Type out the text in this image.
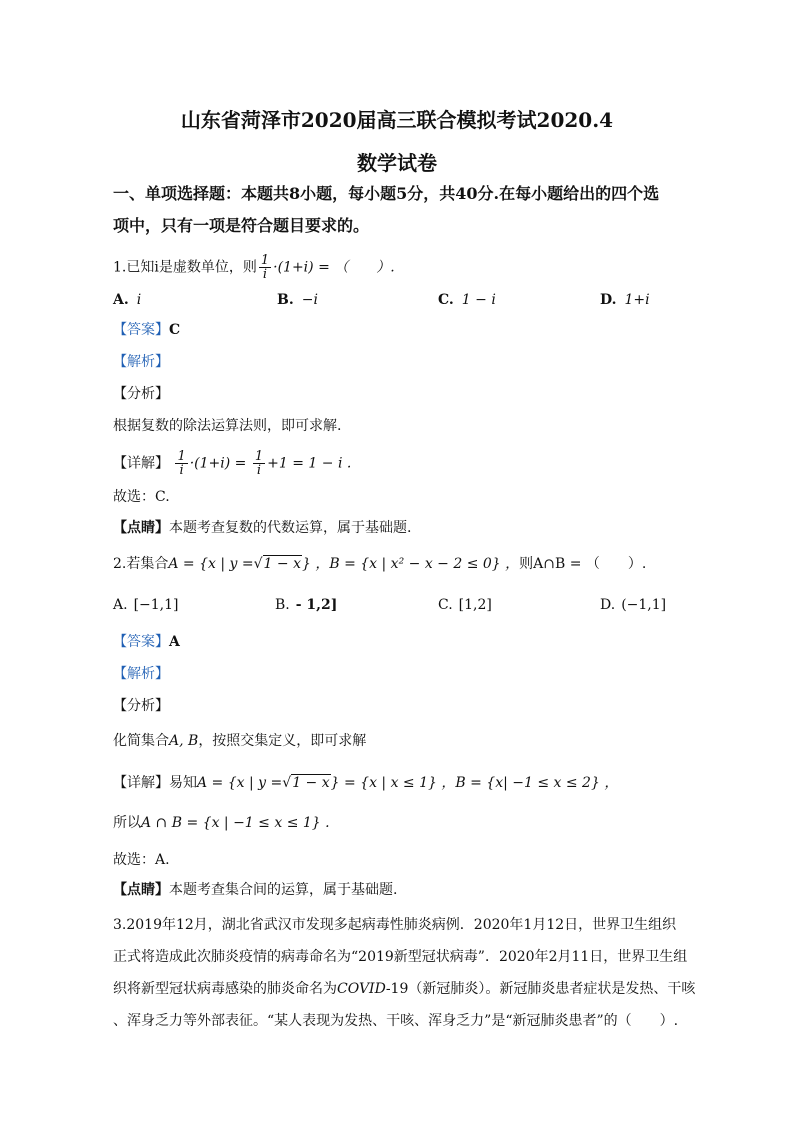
山东省菏泽市2020届高三联合模拟考试2020.4
数学试卷
一、单项选择题：本题共8小题，每小题5分，共40分.在每小题给出的四个选
项中，只有一项是符合题目要求的。
1.已知i是虚数单位，则 $\frac{1}{i} \cdot(1+i)$ = （　　）.
A. i	B. −i	C. 1 − i	D. 1+i
【答案】C
【解析】
【分析】
根据复数的除法运算法则，即可求解.
【详解】 $\frac{1}{i} \cdot(1+i) = \frac{1}{i} +1 = 1 - i$ .
故选：C.
【点睛】本题考查复数的代数运算，属于基础题.
2.若集合A = {x | y =√1 − x} ，B = {x | x² − x − 2 ≤ 0} ，则A∩B = （　　）.
A. [−1,1]	B. - 1,2]	C. [1,2]	D. (−1,1]
【答案】A
【解析】
【分析】
化简集合A, B，按照交集定义，即可求解
【详解】易知A = {x | y =√1 − x} = {x | x ≤ 1} ，B = {x| −1 ≤ x ≤ 2} ，
所以A ∩ B = {x | −1 ≤ x ≤ 1} .
故选：A.
【点睛】本题考查集合间的运算，属于基础题.
3.2019年12月，湖北省武汉市发现多起病毒性肺炎病例．2020年1月12日，世界卫生组织
正式将造成此次肺炎疫情的病毒命名为“2019新型冠状病毒”．2020年2月11日，世界卫生组
织将新型冠状病毒感染的肺炎命名为COVID-19（新冠肺炎）。新冠肺炎患者症状是发热、干咳
、浑身乏力等外部表征。“某人表现为发热、干咳、浑身乏力”是“新冠肺炎患者”的（　　）.
